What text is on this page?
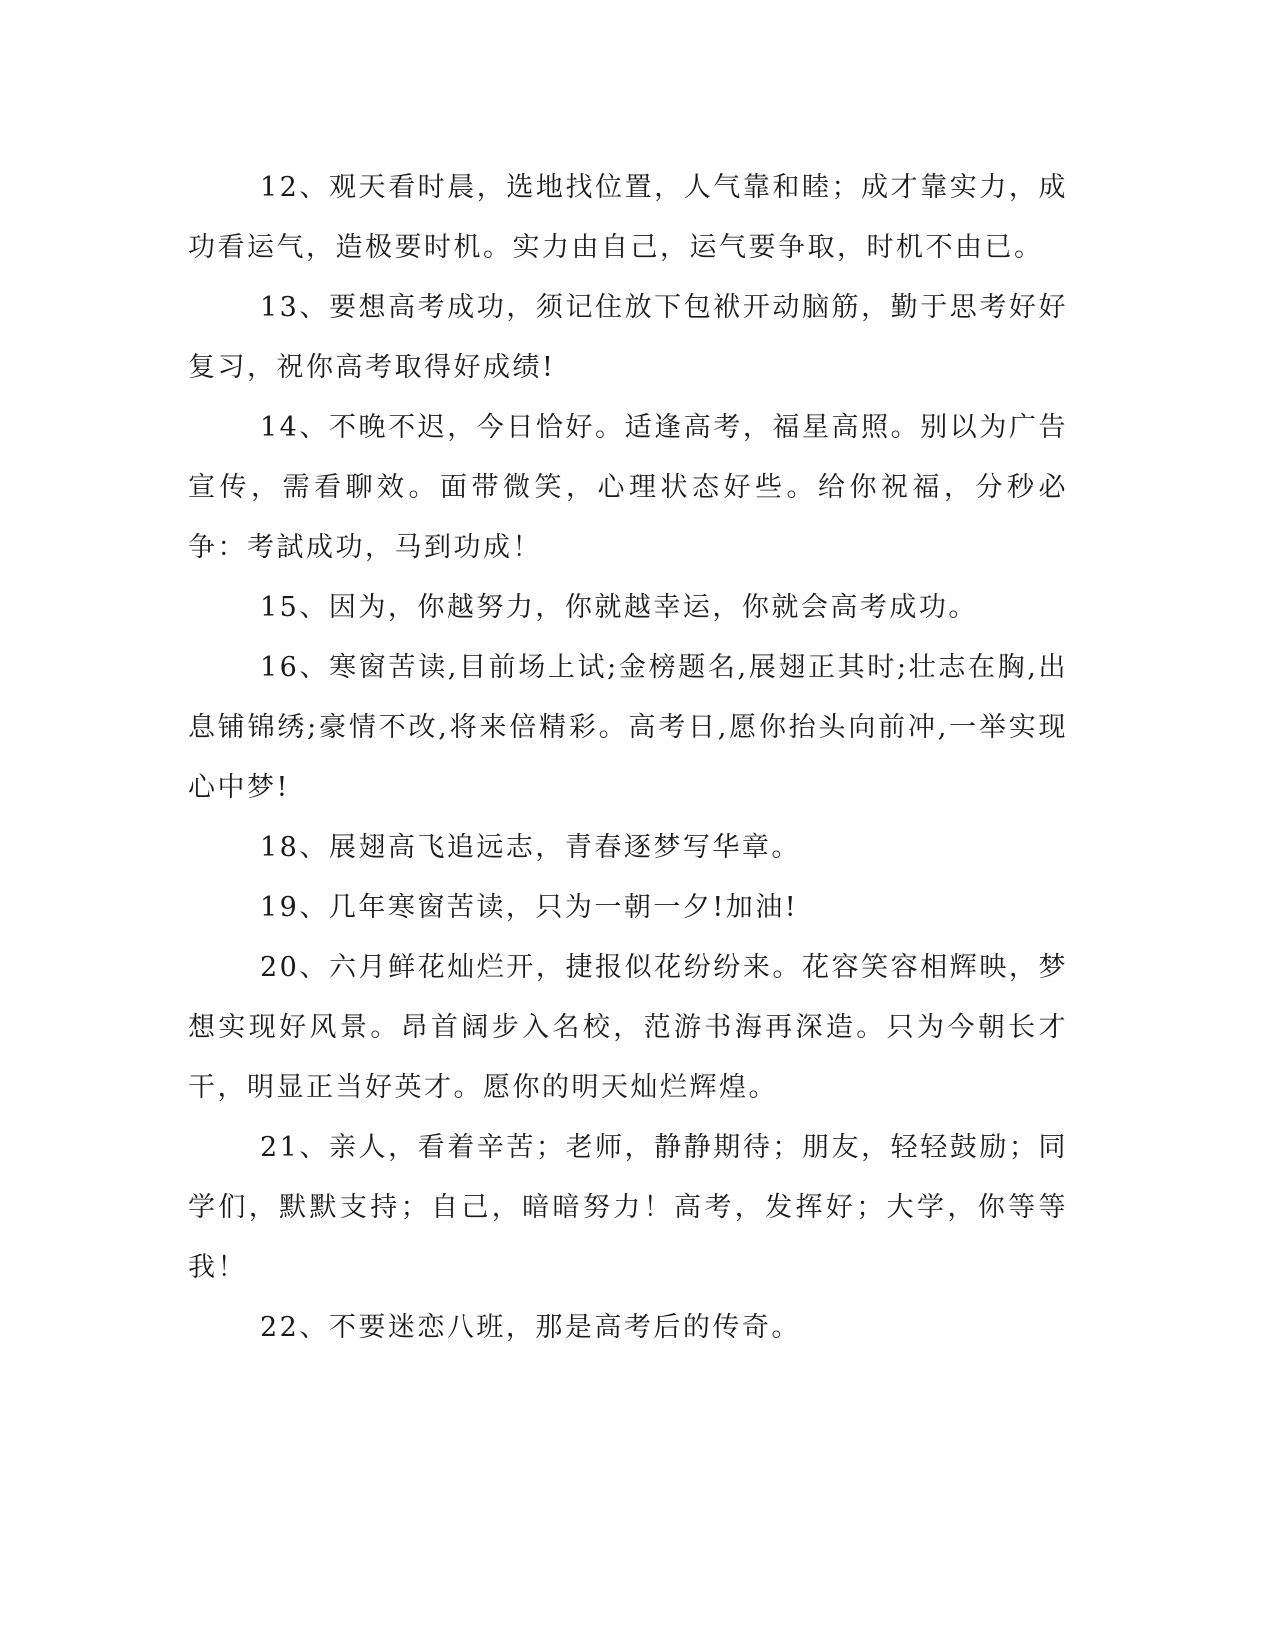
12、观天看时晨，选地找位置，人气靠和睦；成才靠实力，成功看运气，造极要时机。实力由自己，运气要争取，时机不由已。

13、要想高考成功，须记住放下包袱开动脑筋，勤于思考好好复习，祝你高考取得好成绩!

14、不晚不迟，今日恰好。适逢高考，福星高照。别以为广告宣传，需看聊效。面带微笑，心理状态好些。给你祝福，分秒必争：考試成功，马到功成！

15、因为，你越努力，你就越幸运，你就会高考成功。

16、寒窗苦读,目前场上试;金榜题名,展翅正其时;壮志在胸,出息铺锦绣;豪情不改,将来倍精彩。高考日,愿你抬头向前冲,一举实现心中梦!

18、展翅高飞追远志，青春逐梦写华章。

19、几年寒窗苦读，只为一朝一夕!加油!

20、六月鲜花灿烂开，捷报似花纷纷来。花容笑容相辉映，梦想实现好风景。昂首阔步入名校，范游书海再深造。只为今朝长才干，明显正当好英才。愿你的明天灿烂辉煌。

21、亲人，看着辛苦；老师，静静期待；朋友，轻轻鼓励；同学们，默默支持；自己，暗暗努力！高考，发挥好；大学，你等等我！

22、不要迷恋八班，那是高考后的传奇。
